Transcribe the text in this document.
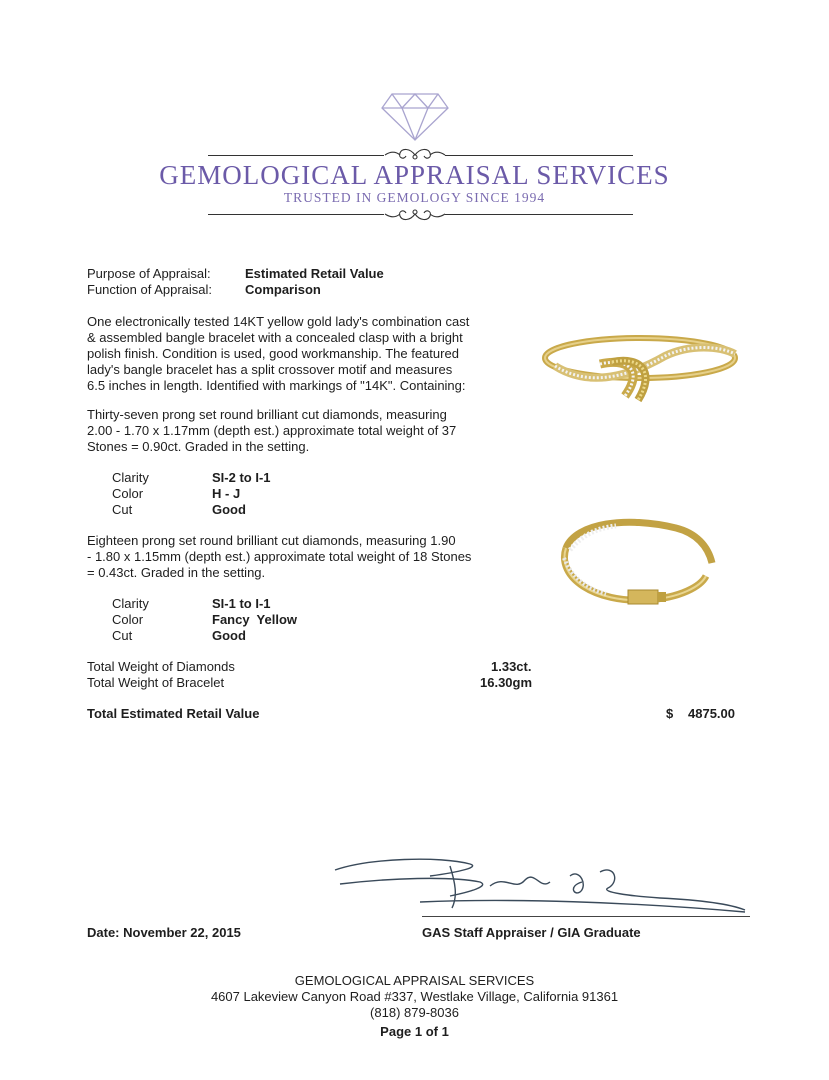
GEMOLOGICAL APPRAISAL SERVICES
TRUSTED IN GEMOLOGY SINCE 1994
Purpose of Appraisal:	Estimated Retail Value
Function of Appraisal:	Comparison
One electronically tested 14KT yellow gold lady's combination cast
& assembled bangle bracelet with a concealed clasp with a bright
polish finish. Condition is used, good workmanship. The featured
lady's bangle bracelet has a split crossover motif and measures
6.5 inches in length. Identified with markings of "14K". Containing:
Thirty-seven prong set round brilliant cut diamonds, measuring
2.00 - 1.70 x 1.17mm (depth est.) approximate total weight of 37
Stones = 0.90ct. Graded in the setting.
Clarity	SI-2 to I-1
Color	H - J
Cut	Good
Eighteen prong set round brilliant cut diamonds, measuring 1.90
- 1.80 x 1.15mm (depth est.) approximate total weight of 18 Stones
= 0.43ct. Graded in the setting.
Clarity	SI-1 to I-1
Color	Fancy  Yellow
Cut	Good
Total Weight of Diamonds	1.33ct.
Total Weight of Bracelet	16.30gm
Total Estimated Retail Value	$ 4875.00
Date: November 22, 2015	GAS Staff Appraiser / GIA Graduate
GEMOLOGICAL APPRAISAL SERVICES
4607 Lakeview Canyon Road #337, Westlake Village, California 91361
(818) 879-8036
Page 1 of 1
